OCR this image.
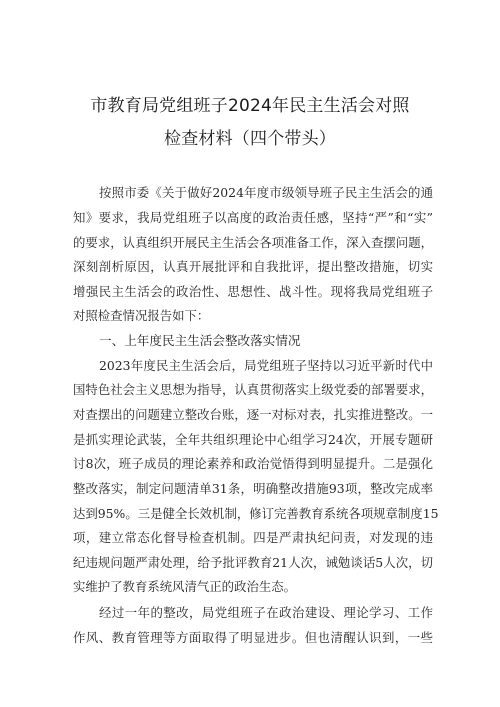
市教育局党组班子2024年民主生活会对照
检查材料（四个带头）
按照市委《关于做好2024年度市级领导班子民主生活会的通
知》要求，我局党组班子以高度的政治责任感，坚持“严”和“实”
的要求，认真组织开展民主生活会各项准备工作，深入查摆问题，
深刻剖析原因，认真开展批评和自我批评，提出整改措施，切实
增强民主生活会的政治性、思想性、战斗性。现将我局党组班子
对照检查情况报告如下：
一、上年度民主生活会整改落实情况
2023年度民主生活会后，局党组班子坚持以习近平新时代中
国特色社会主义思想为指导，认真贯彻落实上级党委的部署要求，
对查摆出的问题建立整改台账，逐一对标对表，扎实推进整改。一
是抓实理论武装，全年共组织理论中心组学习24次，开展专题研
讨8次，班子成员的理论素养和政治觉悟得到明显提升。二是强化
整改落实，制定问题清单31条，明确整改措施93项，整改完成率
达到95%。三是健全长效机制，修订完善教育系统各项规章制度15
项，建立常态化督导检查机制。四是严肃执纪问责，对发现的违
纪违规问题严肃处理，给予批评教育21人次，诫勉谈话5人次，切
实维护了教育系统风清气正的政治生态。
经过一年的整改，局党组班子在政治建设、理论学习、工作
作风、教育管理等方面取得了明显进步。但也清醒认识到，一些
